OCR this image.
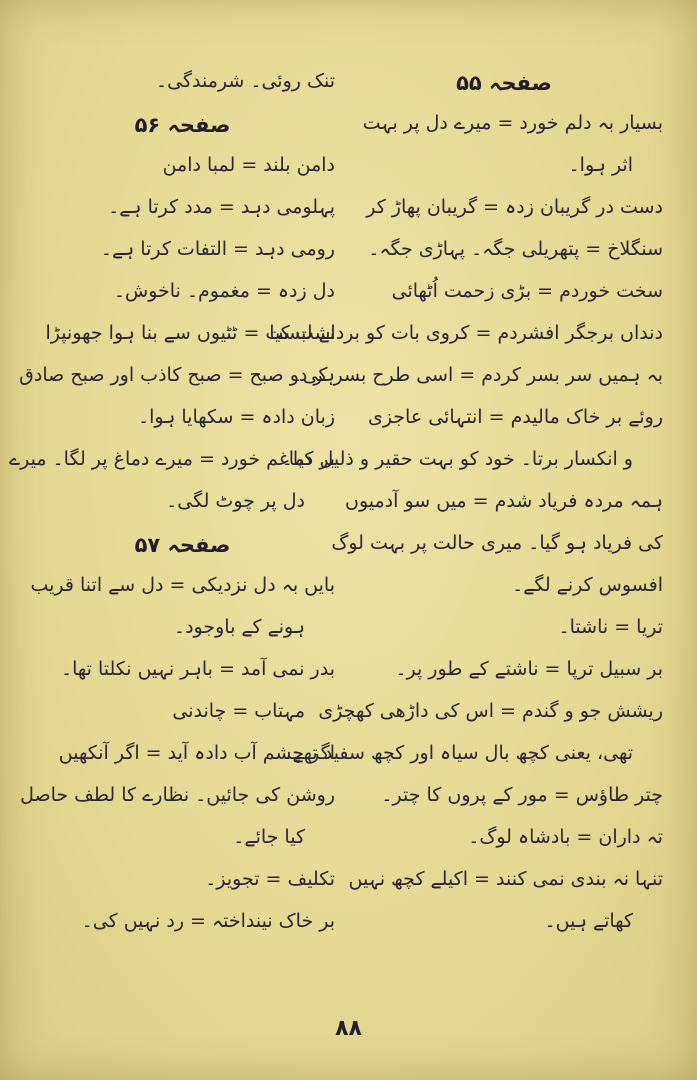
صفحہ ۵۵
بسیار بہ دلم خورد = میرے دل پر بہت
اثر ہوا۔
دست در گریبان زدہ = گریبان پھاڑ کر
سنگلاخ = پتھریلی جگہ۔ پہاڑی جگہ۔
سخت خوردم = بڑی زحمت اُٹھائی
دنداں برجگر افشردم = کروی بات کو برداشت کیا
بہ ہمیں سر بسر کردم = اسی طرح بسر کی۔
روئے بر خاک مالیدم = انتہائی عاجزی
و انکسار برتا۔ خود کو بہت حقیر و ذلیل کیا۔
ہمہ مردہ فریاد شدم = میں سو آدمیوں
کی فریاد ہو گیا۔ میری حالت پر بہت لوگ
افسوس کرنے لگے۔
تریا = ناشتا۔
بر سبیل ترپا = ناشتے کے طور پر۔
ریشش جو و گندم = اس کی داڑھی کھچڑی
تھی، یعنی کچھ بال سیاہ اور کچھ سفید تھے۔
چتر طاؤس = مور کے پروں کا چتر۔
تہ داران = بادشاہ لوگ۔
تنہا نہ بندی نمی کنند = اکیلے کچھ نہیں
کھاتے ہیں۔
تنک روئی۔ شرمندگی۔
صفحہ ۵۶
دامن بلند = لمبا دامن
پہلومی دہد = مدد کرتا ہے۔
رومی دہد = التفات کرتا ہے۔
دل زدہ = مغموم۔ ناخوش۔
نے لبست = ٹٹیوں سے بنا ہوا جھونپڑا
ہر دو صبح = صبح کاذب اور صبح صادق
زبان دادہ = سکھایا ہوا۔
بر دماغم خورد = میرے دماغ پر لگا۔ میرے
دل پر چوٹ لگی۔
صفحہ ۵۷
بایں بہ دل نزدیکی = دل سے اتنا قریب
ہونے کے باوجود۔
بدر نمی آمد = باہر نہیں نکلتا تھا۔
مہتاب = چاندنی
اگر چشم آب دادہ آید = اگر آنکھیں
روشن کی جائیں۔ نظارے کا لطف حاصل
کیا جائے۔
تکلیف = تجویز۔
بر خاک نینداختہ = رد نہیں کی۔
۸۸
